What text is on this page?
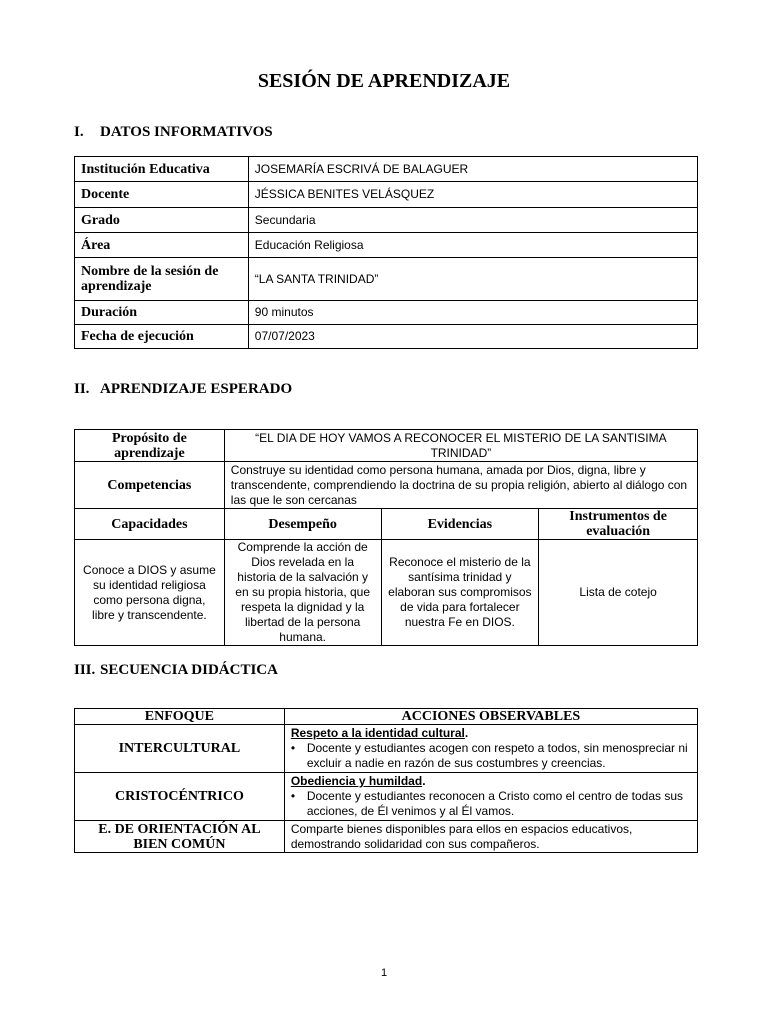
SESIÓN DE APRENDIZAJE
I. DATOS INFORMATIVOS
Institución Educativa	JOSEMARÍA ESCRIVÁ DE BALAGUER
Docente	JÉSSICA BENITES VELÁSQUEZ
Grado	Secundaria
Área	Educación Religiosa
Nombre de la sesión de aprendizaje	“LA SANTA TRINIDAD”
Duración	90 minutos
Fecha de ejecución	07/07/2023
II. APRENDIZAJE ESPERADO
Propósito de aprendizaje	“EL DIA DE HOY VAMOS A RECONOCER EL MISTERIO DE LA SANTISIMA TRINIDAD”		
Competencias	Construye su identidad como persona humana, amada por Dios, digna, libre y transcendente, comprendiendo la doctrina de su propia religión, abierto al diálogo con las que le son cercanas		
Capacidades	Desempeño	Evidencias	Instrumentos de evaluación
Conoce a DIOS y asume su identidad religiosa como persona digna, libre y transcendente.	Comprende la acción de Dios revelada en la historia de la salvación y en su propia historia, que respeta la dignidad y la libertad de la persona humana.	Reconoce el misterio de la santísima trinidad y elaboran sus compromisos de vida para fortalecer nuestra Fe en DIOS.	Lista de cotejo
III. SECUENCIA DIDÁCTICA
ENFOQUE	ACCIONES OBSERVABLES
INTERCULTURAL	Respeto a la identidad cultural.
• Docente y estudiantes acogen con respeto a todos, sin menospreciar ni excluir a nadie en razón de sus costumbres y creencias.

CRISTOCÉNTRICO	Obediencia y humildad.
• Docente y estudiantes reconocen a Cristo como el centro de todas sus acciones, de Él venimos y al Él vamos.

E. DE ORIENTACIÓN AL BIEN COMÚN	Comparte bienes disponibles para ellos en espacios educativos, demostrando solidaridad con sus compañeros.
1
